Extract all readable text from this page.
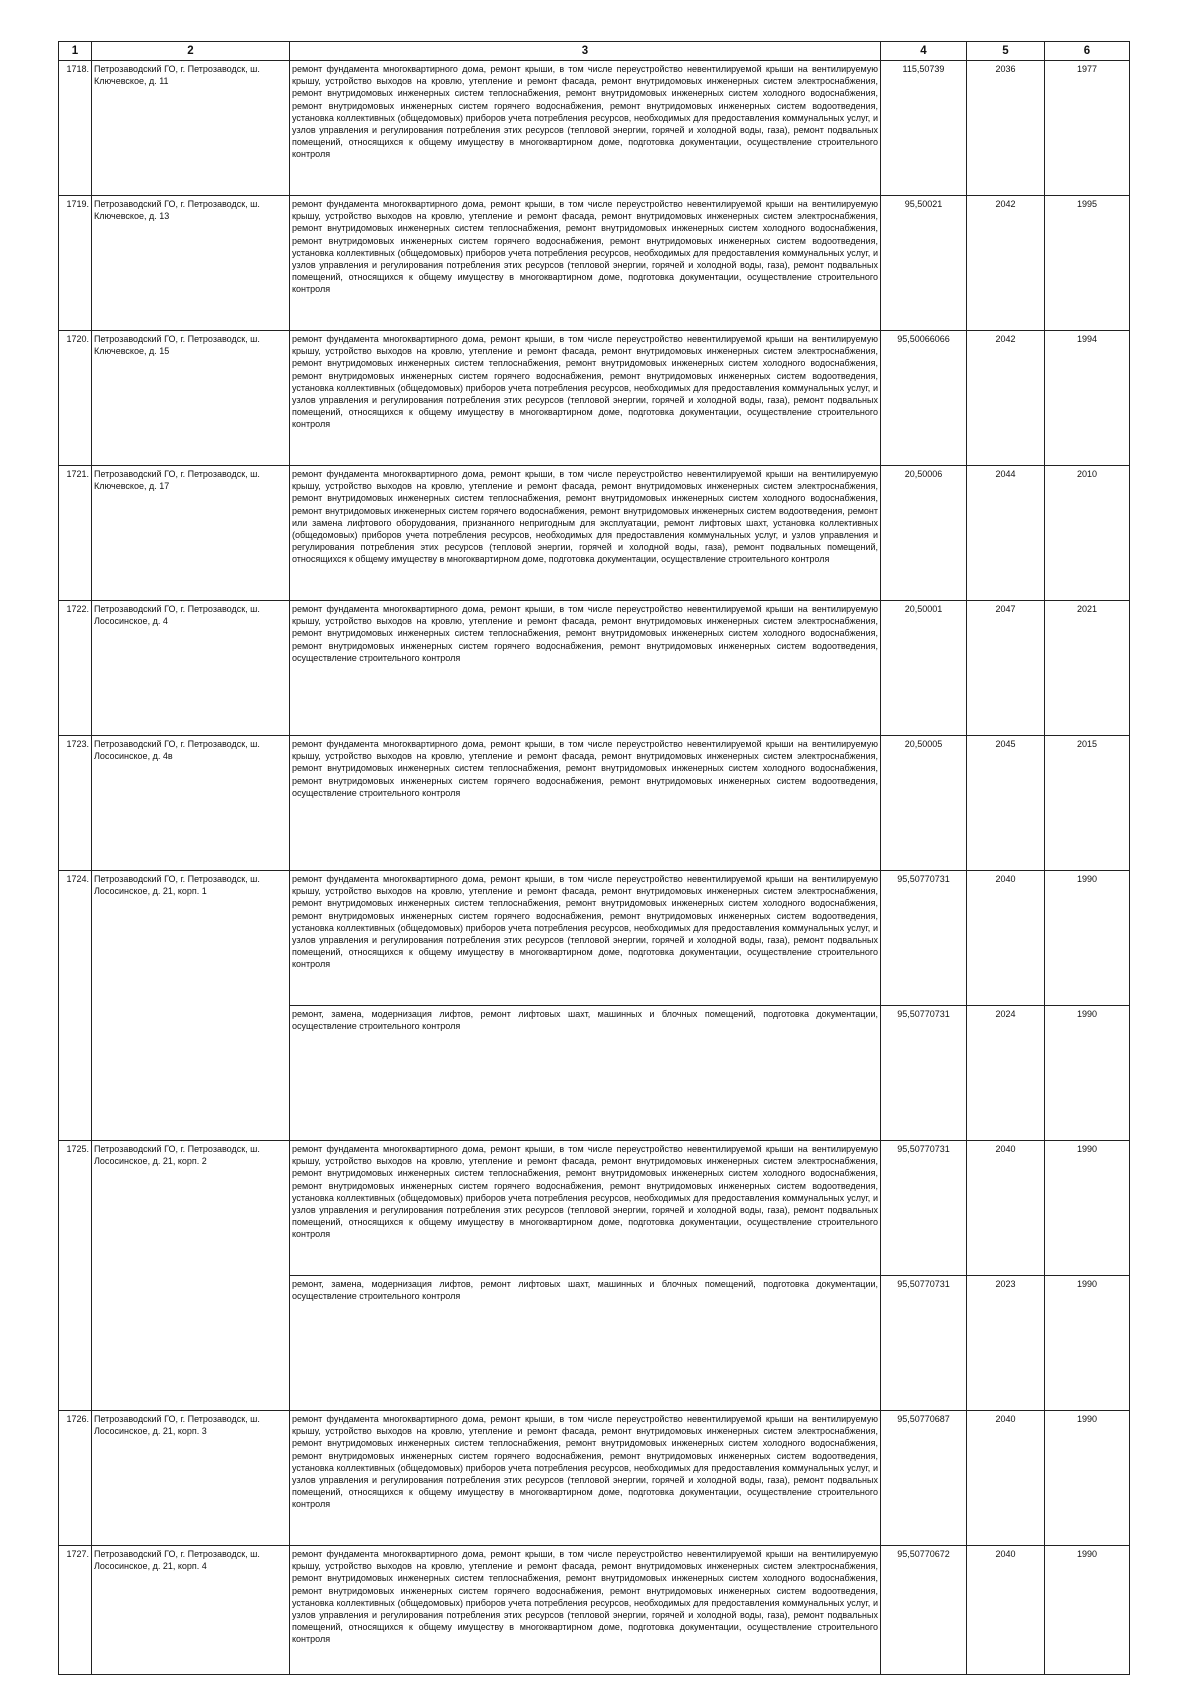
1	2	3	4	5	6
1718.	Петрозаводский ГО, г. Петрозаводск, ш. Ключевское, д. 11	ремонт фундамента многоквартирного дома, ремонт крыши, в том числе переустройство невентилируемой крыши на вентилируемую крышу, устройство выходов на кровлю, утепление и ремонт фасада, ремонт внутридомовых инженерных систем электроснабжения, ремонт внутридомовых инженерных систем теплоснабжения, ремонт внутридомовых инженерных систем холодного водоснабжения, ремонт внутридомовых инженерных систем горячего водоснабжения, ремонт внутридомовых инженерных систем водоотведения, установка коллективных (общедомовых) приборов учета потребления ресурсов, необходимых для предоставления коммунальных услуг, и узлов управления и регулирования потребления этих ресурсов (тепловой энергии, горячей и холодной воды, газа), ремонт подвальных помещений, относящихся к общему имуществу в многоквартирном доме, подготовка документации, осуществление строительного контроля	115,50739	2036	1977
1719.	Петрозаводский ГО, г. Петрозаводск, ш. Ключевское, д. 13	ремонт фундамента многоквартирного дома, ремонт крыши, в том числе переустройство невентилируемой крыши на вентилируемую крышу, устройство выходов на кровлю, утепление и ремонт фасада, ремонт внутридомовых инженерных систем электроснабжения, ремонт внутридомовых инженерных систем теплоснабжения, ремонт внутридомовых инженерных систем холодного водоснабжения, ремонт внутридомовых инженерных систем горячего водоснабжения, ремонт внутридомовых инженерных систем водоотведения, установка коллективных (общедомовых) приборов учета потребления ресурсов, необходимых для предоставления коммунальных услуг, и узлов управления и регулирования потребления этих ресурсов (тепловой энергии, горячей и холодной воды, газа), ремонт подвальных помещений, относящихся к общему имуществу в многоквартирном доме, подготовка документации, осуществление строительного контроля	95,50021	2042	1995
1720.	Петрозаводский ГО, г. Петрозаводск, ш. Ключевское, д. 15	ремонт фундамента многоквартирного дома, ремонт крыши, в том числе переустройство невентилируемой крыши на вентилируемую крышу, устройство выходов на кровлю, утепление и ремонт фасада, ремонт внутридомовых инженерных систем электроснабжения, ремонт внутридомовых инженерных систем теплоснабжения, ремонт внутридомовых инженерных систем холодного водоснабжения, ремонт внутридомовых инженерных систем горячего водоснабжения, ремонт внутридомовых инженерных систем водоотведения, установка коллективных (общедомовых) приборов учета потребления ресурсов, необходимых для предоставления коммунальных услуг, и узлов управления и регулирования потребления этих ресурсов (тепловой энергии, горячей и холодной воды, газа), ремонт подвальных помещений, относящихся к общему имуществу в многоквартирном доме, подготовка документации, осуществление строительного контроля	95,50066066	2042	1994
1721.	Петрозаводский ГО, г. Петрозаводск, ш. Ключевское, д. 17	ремонт фундамента многоквартирного дома, ремонт крыши, в том числе переустройство невентилируемой крыши на вентилируемую крышу, устройство выходов на кровлю, утепление и ремонт фасада, ремонт внутридомовых инженерных систем электроснабжения, ремонт внутридомовых инженерных систем теплоснабжения, ремонт внутридомовых инженерных систем холодного водоснабжения, ремонт внутридомовых инженерных систем горячего водоснабжения, ремонт внутридомовых инженерных систем водоотведения, ремонт или замена лифтового оборудования, признанного непригодным для эксплуатации, ремонт лифтовых шахт, установка коллективных (общедомовых) приборов учета потребления ресурсов, необходимых для предоставления коммунальных услуг, и узлов управления и регулирования потребления этих ресурсов (тепловой энергии, горячей и холодной воды, газа), ремонт подвальных помещений, относящихся к общему имуществу в многоквартирном доме, подготовка документации, осуществление строительного контроля	20,50006	2044	2010
1722.	Петрозаводский ГО, г. Петрозаводск, ш. Лососинское, д. 4	ремонт фундамента многоквартирного дома, ремонт крыши, в том числе переустройство невентилируемой крыши на вентилируемую крышу, устройство выходов на кровлю, утепление и ремонт фасада, ремонт внутридомовых инженерных систем электроснабжения, ремонт внутридомовых инженерных систем теплоснабжения, ремонт внутридомовых инженерных систем холодного водоснабжения, ремонт внутридомовых инженерных систем горячего водоснабжения, ремонт внутридомовых инженерных систем водоотведения, осуществление строительного контроля	20,50001	2047	2021
1723.	Петрозаводский ГО, г. Петрозаводск, ш. Лососинское, д. 4в	ремонт фундамента многоквартирного дома, ремонт крыши, в том числе переустройство невентилируемой крыши на вентилируемую крышу, устройство выходов на кровлю, утепление и ремонт фасада, ремонт внутридомовых инженерных систем электроснабжения, ремонт внутридомовых инженерных систем теплоснабжения, ремонт внутридомовых инженерных систем холодного водоснабжения, ремонт внутридомовых инженерных систем горячего водоснабжения, ремонт внутридомовых инженерных систем водоотведения, осуществление строительного контроля	20,50005	2045	2015
1724.	Петрозаводский ГО, г. Петрозаводск, ш. Лососинское, д. 21, корп. 1	ремонт фундамента многоквартирного дома, ремонт крыши, в том числе переустройство невентилируемой крыши на вентилируемую крышу, устройство выходов на кровлю, утепление и ремонт фасада, ремонт внутридомовых инженерных систем электроснабжения, ремонт внутридомовых инженерных систем теплоснабжения, ремонт внутридомовых инженерных систем холодного водоснабжения, ремонт внутридомовых инженерных систем горячего водоснабжения, ремонт внутридомовых инженерных систем водоотведения, установка коллективных (общедомовых) приборов учета потребления ресурсов, необходимых для предоставления коммунальных услуг, и узлов управления и регулирования потребления этих ресурсов (тепловой энергии, горячей и холодной воды, газа), ремонт подвальных помещений, относящихся к общему имуществу в многоквартирном доме, подготовка документации, осуществление строительного контроля	95,50770731	2040	1990
		ремонт, замена, модернизация лифтов, ремонт лифтовых шахт, машинных и блочных помещений, подготовка документации, осуществление строительного контроля	95,50770731	2024	1990
1725.	Петрозаводский ГО, г. Петрозаводск, ш. Лососинское, д. 21, корп. 2	ремонт фундамента многоквартирного дома, ремонт крыши, в том числе переустройство невентилируемой крыши на вентилируемую крышу, устройство выходов на кровлю, утепление и ремонт фасада, ремонт внутридомовых инженерных систем электроснабжения, ремонт внутридомовых инженерных систем теплоснабжения, ремонт внутридомовых инженерных систем холодного водоснабжения, ремонт внутридомовых инженерных систем горячего водоснабжения, ремонт внутридомовых инженерных систем водоотведения, установка коллективных (общедомовых) приборов учета потребления ресурсов, необходимых для предоставления коммунальных услуг, и узлов управления и регулирования потребления этих ресурсов (тепловой энергии, горячей и холодной воды, газа), ремонт подвальных помещений, относящихся к общему имуществу в многоквартирном доме, подготовка документации, осуществление строительного контроля	95,50770731	2040	1990
		ремонт, замена, модернизация лифтов, ремонт лифтовых шахт, машинных и блочных помещений, подготовка документации, осуществление строительного контроля	95,50770731	2023	1990
1726.	Петрозаводский ГО, г. Петрозаводск, ш. Лососинское, д. 21, корп. 3	ремонт фундамента многоквартирного дома, ремонт крыши, в том числе переустройство невентилируемой крыши на вентилируемую крышу, устройство выходов на кровлю, утепление и ремонт фасада, ремонт внутридомовых инженерных систем электроснабжения, ремонт внутридомовых инженерных систем теплоснабжения, ремонт внутридомовых инженерных систем холодного водоснабжения, ремонт внутридомовых инженерных систем горячего водоснабжения, ремонт внутридомовых инженерных систем водоотведения, установка коллективных (общедомовых) приборов учета потребления ресурсов, необходимых для предоставления коммунальных услуг, и узлов управления и регулирования потребления этих ресурсов (тепловой энергии, горячей и холодной воды, газа), ремонт подвальных помещений, относящихся к общему имуществу в многоквартирном доме, подготовка документации, осуществление строительного контроля	95,50770687	2040	1990
1727.	Петрозаводский ГО, г. Петрозаводск, ш. Лососинское, д. 21, корп. 4	ремонт фундамента многоквартирного дома, ремонт крыши, в том числе переустройство невентилируемой крыши на вентилируемую крышу, устройство выходов на кровлю, утепление и ремонт фасада, ремонт внутридомовых инженерных систем электроснабжения, ремонт внутридомовых инженерных систем теплоснабжения, ремонт внутридомовых инженерных систем холодного водоснабжения, ремонт внутридомовых инженерных систем горячего водоснабжения, ремонт внутридомовых инженерных систем водоотведения, установка коллективных (общедомовых) приборов учета потребления ресурсов, необходимых для предоставления коммунальных услуг, и узлов управления и регулирования потребления этих ресурсов (тепловой энергии, горячей и холодной воды, газа), ремонт подвальных помещений, относящихся к общему имуществу в многоквартирном доме, подготовка документации, осуществление строительного контроля	95,50770672	2040	1990
